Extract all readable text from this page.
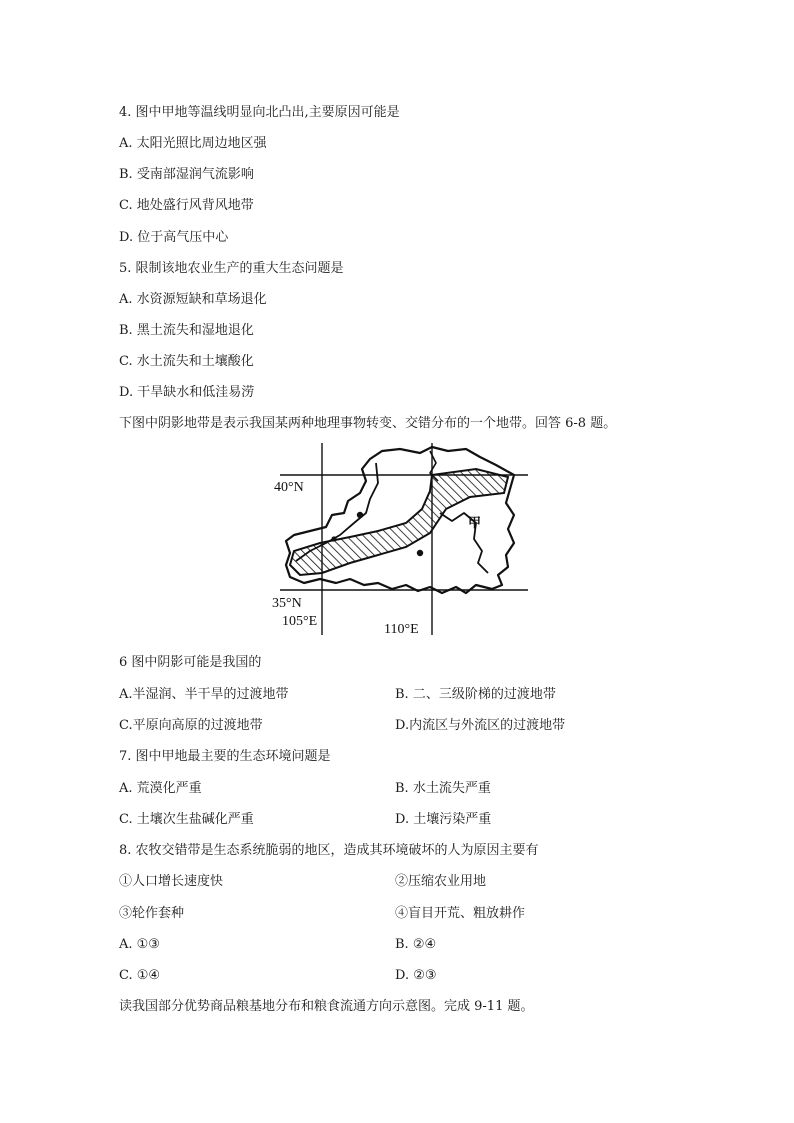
4. 图中甲地等温线明显向北凸出,主要原因可能是
A. 太阳光照比周边地区强
B. 受南部湿润气流影响
C. 地处盛行风背风地带
D. 位于高气压中心
5. 限制该地农业生产的重大生态问题是
A. 水资源短缺和草场退化
B. 黑土流失和湿地退化
C. 水土流失和土壤酸化
D. 干旱缺水和低洼易涝
下图中阴影地带是表示我国某两种地理事物转变、交错分布的一个地带。回答 6-8 题。
40°N
35°N
105°E
110°E
甲
6 图中阴影可能是我国的
A.半湿润、半干旱的过渡地带	B. 二、三级阶梯的过渡地带
C.平原向高原的过渡地带	D.内流区与外流区的过渡地带
7. 图中甲地最主要的生态环境问题是
A. 荒漠化严重	B. 水土流失严重
C. 土壤次生盐碱化严重	D. 土壤污染严重
8. 农牧交错带是生态系统脆弱的地区，造成其环境破坏的人为原因主要有
①人口增长速度快	②压缩农业用地
③轮作套种	④盲目开荒、粗放耕作
A. ①③	B. ②④
C. ①④	D. ②③
读我国部分优势商品粮基地分布和粮食流通方向示意图。完成 9-11 题。
